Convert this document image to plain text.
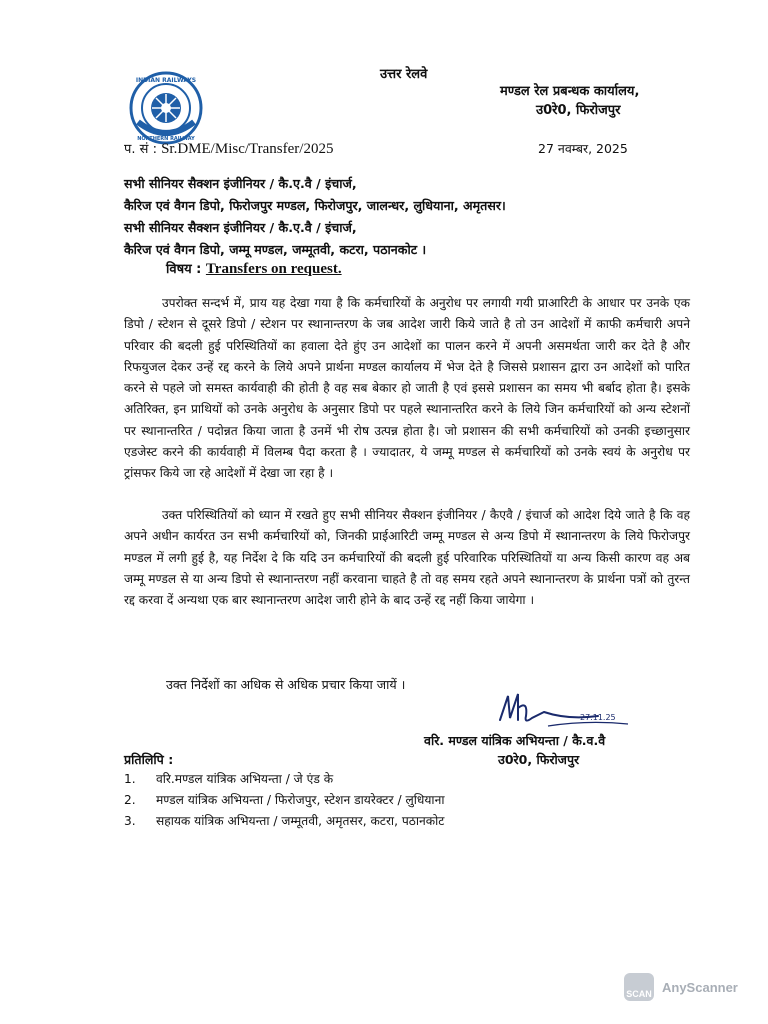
INDIAN RAILWAYS
NORTHERN RAILWAY
उत्तर रेलवे
मण्डल रेल प्रबन्धक कार्यालय,
उ0रे0, फिरोजपुर
प. सं : Sr.DME/Misc/Transfer/2025	27 नवम्बर, 2025
सभी सीनियर सैक्शन इंजीनियर / कै.ए.वै / इंचार्ज,
कैरिज एवं वैगन डिपो, फिरोजपुर मण्डल, फिरोजपुर, जालन्धर, लुधियाना, अमृतसर।
सभी सीनियर सैक्शन इंजीनियर / कै.ए.वै / इंचार्ज,
कैरिज एवं वैगन डिपो, जम्मू मण्डल, जम्मूतवी, कटरा, पठानकोट ।
विषय : Transfers on request.
उपरोक्त सन्दर्भ में, प्राय यह देखा गया है कि कर्मचारियों के अनुरोध पर लगायी गयी प्राआरिटी के आधार पर उनके एक डिपो / स्टेशन से दूसरे डिपो / स्टेशन पर स्थानान्तरण के जब आदेश जारी किये जाते है तो उन आदेशों में काफी कर्मचारी अपने परिवार की बदली हुई परिस्थितियों का हवाला देते हुंए उन आदेशों का पालन करने में अपनी असमर्थता जारी कर देते है और रिफयुजल देकर उन्हें रद्द करने के लिये अपने प्रार्थना मण्डल कार्यालय में भेज देते है जिससे प्रशासन द्वारा उन आदेशों को पारित करने से पहले जो समस्त कार्यवाही की होती है वह सब बेकार हो जाती है एवं इससे प्रशासन का समय भी बर्बाद होता है। इसके अतिरिक्त, इन प्राथियों को उनके अनुरोध के अनुसार डिपो पर पहले स्थानान्तरित करने के लिये जिन कर्मचारियों को अन्य स्टेशनों पर स्थानान्तरित / पदोन्नत किया जाता है उनमें भी रोष उत्पन्न होता है। जो प्रशासन की सभी कर्मचारियों को उनकी इच्छानुसार एडजेस्ट करने की कार्यवाही में विलम्ब पैदा करता है । ज्यादातर, ये जम्मू मण्डल से कर्मचारियों को उनके स्वयं के अनुरोध पर ट्रांसफर किये जा रहे आदेशों में देखा जा रहा है ।
उक्त परिस्थितियों को ध्यान में रखते हुए सभी सीनियर सैक्शन इंजीनियर / कैएवै / इंचार्ज को आदेश दिये जाते है कि वह अपने अधीन कार्यरत उन सभी कर्मचारियों को, जिनकी प्राईआरिटी जम्मू मण्डल से अन्य डिपो में स्थानान्तरण के लिये फिरोजपुर मण्डल में लगी हुई है, यह निर्देश दे कि यदि उन कर्मचारियों की बदली हुई परिवारिक परिस्थितियों या अन्य किसी कारण वह अब जम्मू मण्डल से या अन्य डिपो से स्थानान्तरण नहीं करवाना चाहते है तो वह समय रहते अपने स्थानान्तरण के प्रार्थना पत्रों को तुरन्त रद्द करवा दें अन्यथा एक बार स्थानान्तरण आदेश जारी होने के बाद उन्हें रद्द नहीं किया जायेगा ।
उक्त निर्देशों का अधिक से अधिक प्रचार किया जायें ।
27.11.25
वरि. मण्डल यांत्रिक अभियन्ता / कै.व.वै
उ0रे0, फिरोजपुर
प्रतिलिपि :
1. वरि.मण्डल यांत्रिक अभियन्ता / जे एंड के
2. मण्डल यांत्रिक अभियन्ता / फिरोजपुर, स्टेशन डायरेक्टर / लुधियाना
3. सहायक यांत्रिक अभियन्ता / जम्मूतवी, अमृतसर, कटरा, पठानकोट
SCAN AnyScanner
